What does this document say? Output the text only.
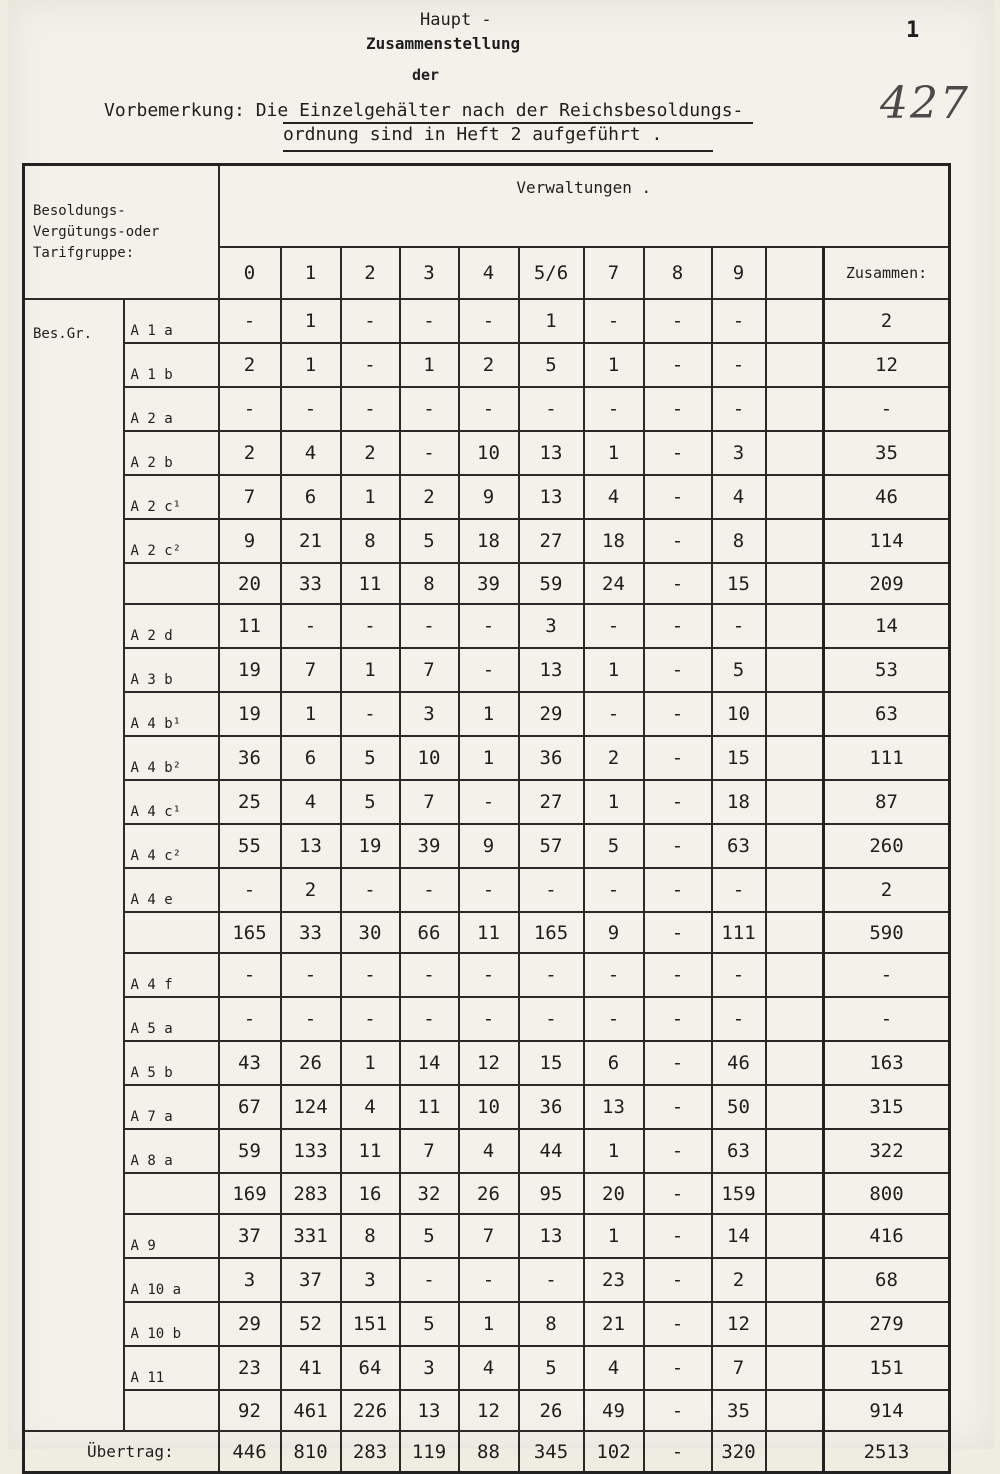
Haupt -
Zusammenstellung
der
1
427
Vorbemerkung: Die Einzelgehälter nach der Reichsbesoldungs-
ordnung sind in Heft 2 aufgeführt .
Besoldungs-Vergütungs-oder Tarifgruppe:		Verwaltungen .										
		0	1	2	3	4	5/6	7	8	9		Zusammen:
Bes.Gr.	A 1 a	-	1	-	-	-	1	-	-	-		2
	A 1 b	2	1	-	1	2	5	1	-	-		12
	A 2 a	-	-	-	-	-	-	-	-	-		-
	A 2 b	2	4	2	-	10	13	1	-	3		35
	A 2 c¹	7	6	1	2	9	13	4	-	4		46
	A 2 c²	9	21	8	5	18	27	18	-	8		114
		20	33	11	8	39	59	24	-	15		209
	A 2 d	11	-	-	-	-	3	-	-	-		14
	A 3 b	19	7	1	7	-	13	1	-	5		53
	A 4 b¹	19	1	-	3	1	29	-	-	10		63
	A 4 b²	36	6	5	10	1	36	2	-	15		111
	A 4 c¹	25	4	5	7	-	27	1	-	18		87
	A 4 c²	55	13	19	39	9	57	5	-	63		260
	A 4 e	-	2	-	-	-	-	-	-	-		2
		165	33	30	66	11	165	9	-	111		590
	A 4 f	-	-	-	-	-	-	-	-	-		-
	A 5 a	-	-	-	-	-	-	-	-	-		-
	A 5 b	43	26	1	14	12	15	6	-	46		163
	A 7 a	67	124	4	11	10	36	13	-	50		315
	A 8 a	59	133	11	7	4	44	1	-	63		322
		169	283	16	32	26	95	20	-	159		800
	A 9	37	331	8	5	7	13	1	-	14		416
	A 10 a	3	37	3	-	-	-	23	-	2		68
	A 10 b	29	52	151	5	1	8	21	-	12		279
	A 11	23	41	64	3	4	5	4	-	7		151
		92	461	226	13	12	26	49	-	35		914
Übertrag:		446	810	283	119	88	345	102	-	320		2513
